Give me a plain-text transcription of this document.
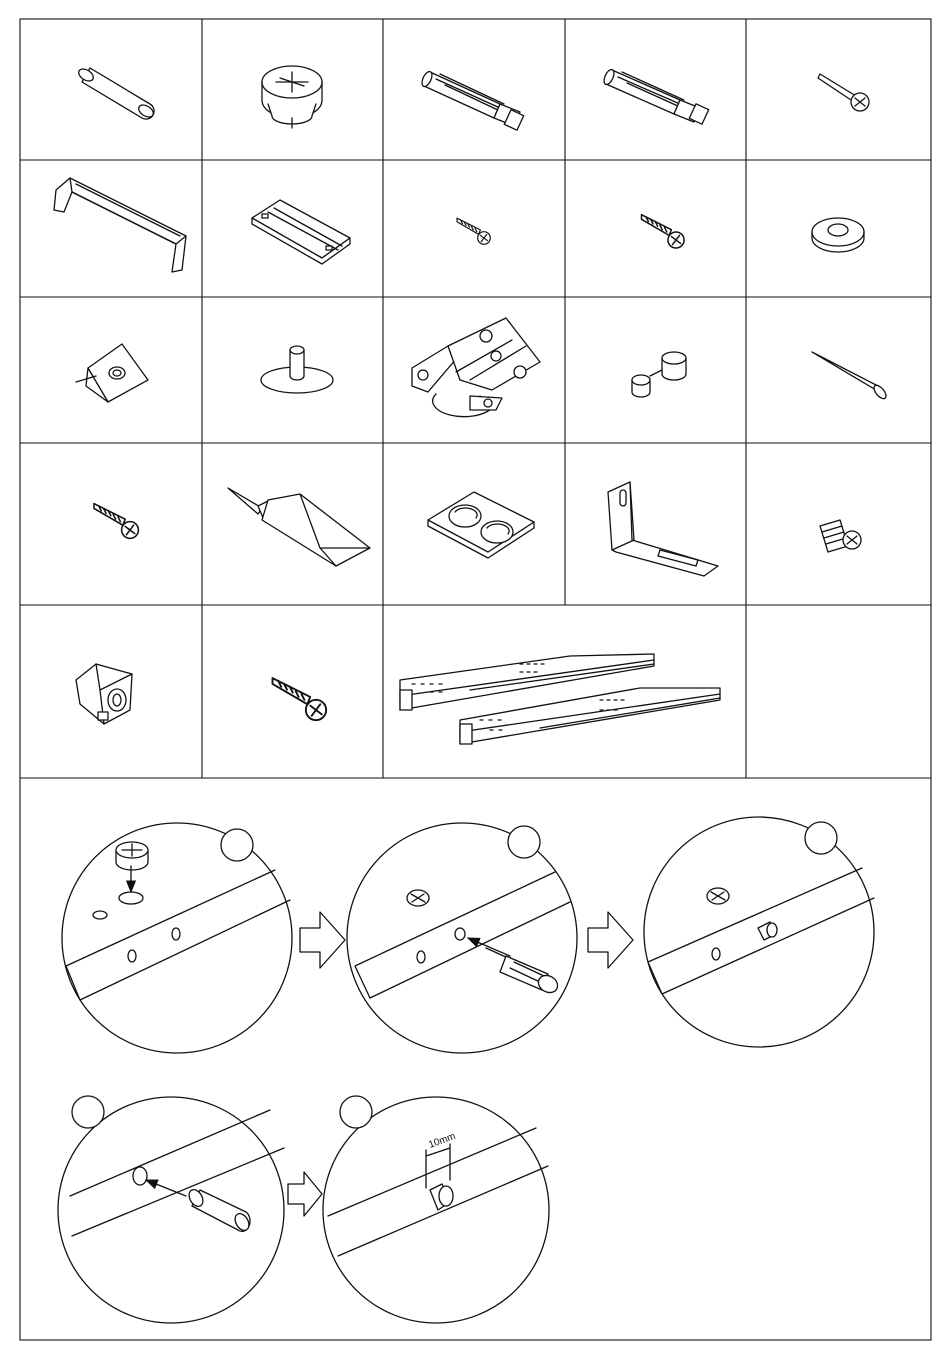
10mm
